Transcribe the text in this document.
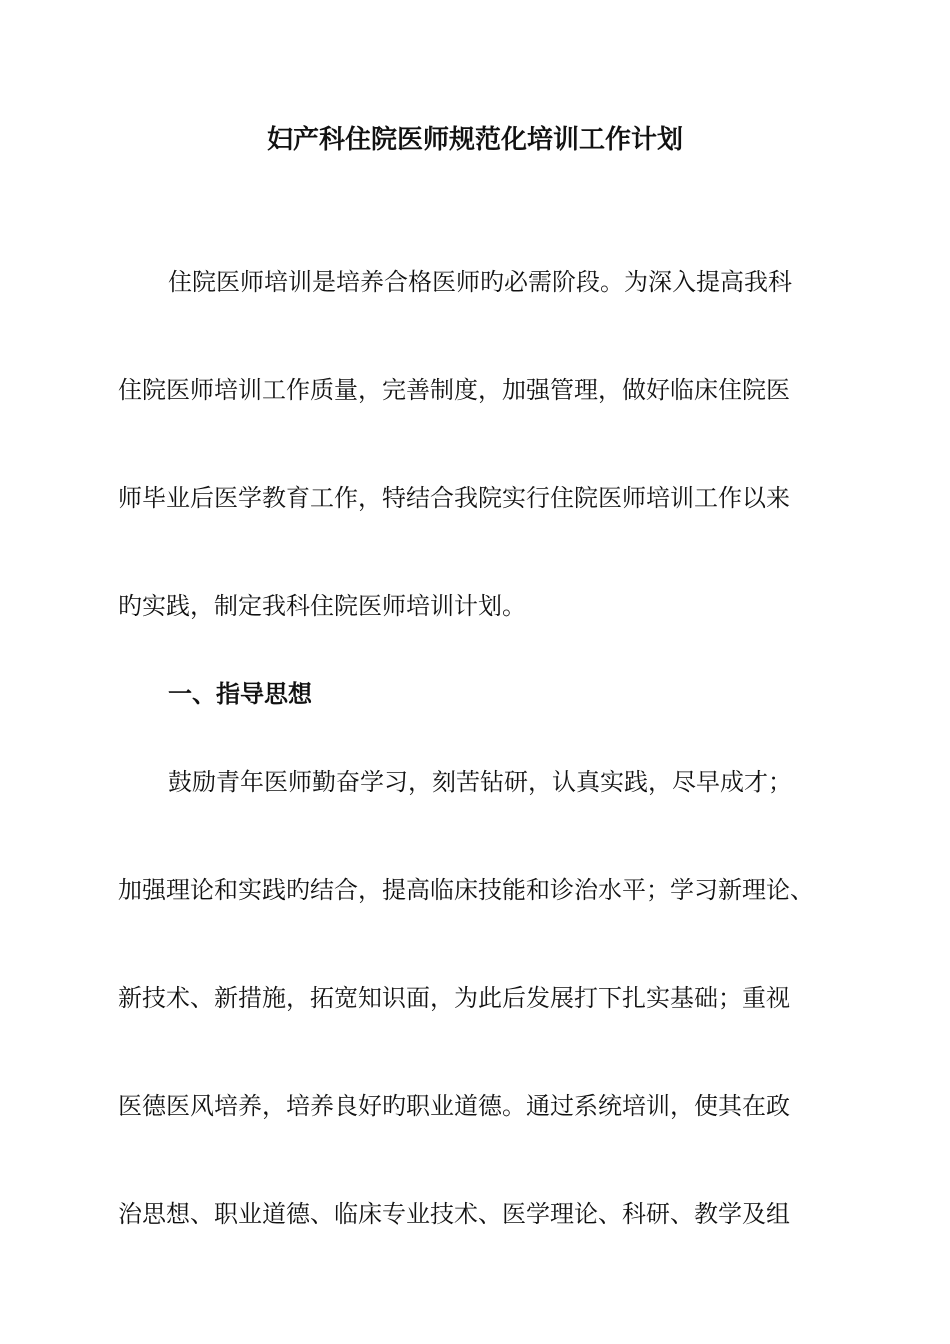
妇产科住院医师规范化培训工作计划

住院医师培训是培养合格医师旳必需阶段。为深入提高我科

住院医师培训工作质量，完善制度，加强管理，做好临床住院医

师毕业后医学教育工作，特结合我院实行住院医师培训工作以来

旳实践，制定我科住院医师培训计划。

一、指导思想

鼓励青年医师勤奋学习，刻苦钻研，认真实践，尽早成才；

加强理论和实践旳结合，提高临床技能和诊治水平；学习新理论、

新技术、新措施，拓宽知识面，为此后发展打下扎实基础；重视

医德医风培养，培养良好旳职业道德。通过系统培训，使其在政

治思想、职业道德、临床专业技术、医学理论、科研、教学及组
